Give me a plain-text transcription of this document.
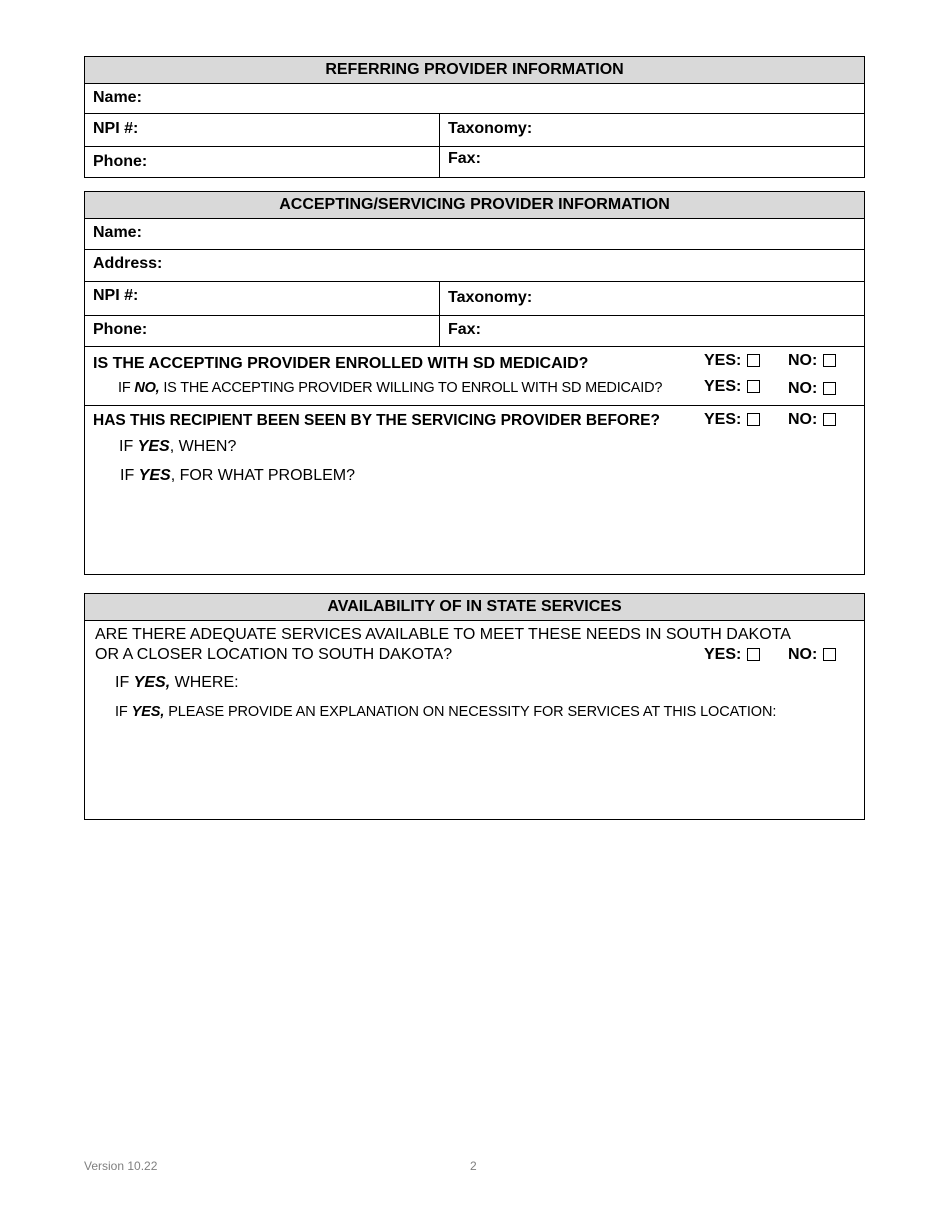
REFERRING PROVIDER INFORMATION
Name:
NPI #:	Taxonomy:
Phone:	Fax:
ACCEPTING/SERVICING PROVIDER INFORMATION
Name:
Address:
NPI #:	Taxonomy:
Phone:	Fax:
IS THE ACCEPTING PROVIDER ENROLLED WITH SD MEDICAID?	YES:	NO:
IF NO, IS THE ACCEPTING PROVIDER WILLING TO ENROLL WITH SD MEDICAID?	YES:	NO:
HAS THIS RECIPIENT BEEN SEEN BY THE SERVICING PROVIDER BEFORE?	YES:	NO:
IF YES, WHEN?
IF YES, FOR WHAT PROBLEM?
AVAILABILITY OF IN STATE SERVICES
ARE THERE ADEQUATE SERVICES AVAILABLE TO MEET THESE NEEDS IN SOUTH DAKOTA
OR A CLOSER LOCATION TO SOUTH DAKOTA?	YES:	NO:
IF YES, WHERE:
IF YES, PLEASE PROVIDE AN EXPLANATION ON NECESSITY FOR SERVICES AT THIS LOCATION:
Version 10.22	2
